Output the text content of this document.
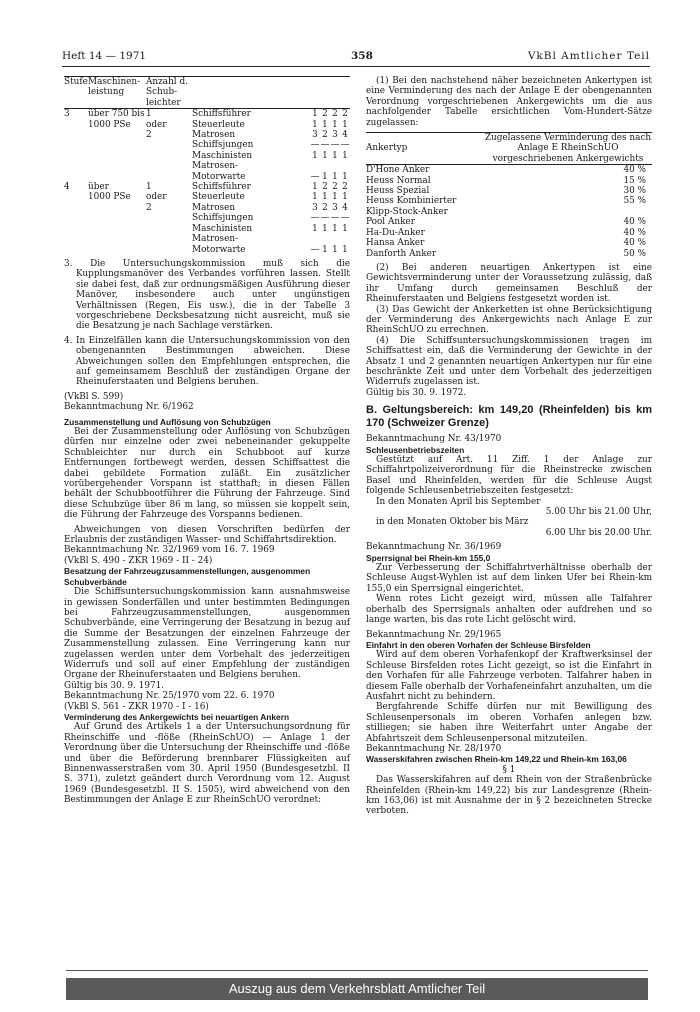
Heft 14 — 1971	358	VkBl Amtlicher Teil
Stufe	Maschinen-leistung	Anzahl d. Schub-leichter					
3	über 750 bis	1	Schiffsführer	1	2	2	2
	1000 PSe	oder	Steuerleute	1	1	1	1
		2	Matrosen	3	2	3	4
			Schiffsjungen	—	—	—	—
			Maschinisten	1	1	1	1
			Matrosen-				
			Motorwarte	—	1	1	1
4	über	1	Schiffsführer	1	2	2	2
	1000 PSe	oder	Steuerleute	1	1	1	1
		2	Matrosen	3	2	3	4
			Schiffsjungen	—	—	—	—
			Maschinisten	1	1	1	1
			Matrosen-				
			Motorwarte	—	1	1	1

3. Die Untersuchungskommission muß sich die Kupplungsmanöver des Verbandes vorführen lassen. Stellt sie dabei fest, daß zur ordnungsmäßigen Ausführung dieser Manöver, insbesondere auch unter ungünstigen Verhältnissen (Regen, Eis usw.), die in der Tabelle 3 vorgeschriebene Decksbesatzung nicht ausreicht, muß sie die Besatzung je nach Sachlage verstärken.

4. In Einzelfällen kann die Untersuchungskommission von den obengenannten Bestimmungen abweichen. Diese Abweichungen sollen den Empfehlungen entsprechen, die auf gemeinsamem Beschluß der zuständigen Organe der Rheinuferstaaten und Belgiens beruhen.

(VkBl S. 599)

Bekanntmachung Nr. 6/1962

Zusammenstellung und Auflösung von Schubzügen

Bei der Zusammenstellung oder Auflösung von Schubzügen dürfen nur einzelne oder zwei nebeneinander gekuppelte Schubleichter nur durch ein Schubboot auf kurze Entfernungen fortbewegt werden, dessen Schiffsattest die dabei gebildete Formation zuläßt. Ein zusätzlicher vorübergehender Vorspann ist statthaft; in diesen Fällen behält der Schubbootführer die Führung der Fahrzeuge. Sind diese Schubzüge über 86 m lang, so müssen sie koppelt sein, die Führung der Fahrzeuge des Vorspanns bedienen.

Abweichungen von diesen Vorschriften bedürfen der Erlaubnis der zuständigen Wasser- und Schiffahrtsdirektion.

Bekanntmachung Nr. 32/1969 vom 16. 7. 1969

(VkBl S. 490 - ZKR 1969 - II - 24)

Besatzung der Fahrzeugzusammenstellungen, ausgenommen Schubverbände

Die Schiffsuntersuchungskommission kann ausnahmsweise in gewissen Sonderfällen und unter bestimmten Bedingungen bei Fahrzeugzusammenstellungen, ausgenommen Schubverbände, eine Verringerung der Besatzung in bezug auf die Summe der Besatzungen der einzelnen Fahrzeuge der Zusammenstellung zulassen. Eine Verringerung kann nur zugelassen werden unter dem Vorbehalt des jederzeitigen Widerrufs und soll auf einer Empfehlung der zuständigen Organe der Rheinuferstaaten und Belgiens beruhen.

Gültig bis 30. 9. 1971.

Bekanntmachung Nr. 25/1970 vom 22. 6. 1970

(VkBl S. 561 - ZKR 1970 - I - 16)

Verminderung des Ankergewichts bei neuartigen Ankern

Auf Grund des Artikels 1 a der Untersuchungsordnung für Rheinschiffe und -flöße (RheinSchUO) — Anlage 1 der Verordnung über die Untersuchung der Rheinschiffe und -flöße und über die Beförderung brennbarer Flüssigkeiten auf Binnenwasserstraßen vom 30. April 1950 (Bundesgesetzbl. II S. 371), zuletzt geändert durch Verordnung vom 12. August 1969 (Bundesgesetzbl. II S. 1505), wird abweichend von den Bestimmungen der Anlage E zur RheinSchUO verordnet:

(1) Bei den nachstehend näher bezeichneten Ankertypen ist eine Verminderung des nach der Anlage E der obengenannten Verordnung vorgeschriebenen Ankergewichts um die aus nachfolgender Tabelle ersichtlichen Vom-Hundert-Sätze zugelassen:

Ankertyp	Zugelassene Verminderung des nach Anlage E RheinSchUO vorgeschriebenen Ankergewichts
D'Hone Anker	40 %
Heuss Normal	15 %
Heuss Spezial	30 %
Heuss Kombinierter Klipp-Stock-Anker	55 %
Pool Anker	40 %
Ha-Du-Anker	40 %
Hansa Anker	40 %
Danforth Anker	50 %

(2) Bei anderen neuartigen Ankertypen ist eine Gewichtsverminderung unter der Voraussetzung zulässig, daß ihr Umfang durch gemeinsamen Beschluß der Rheinuferstaaten und Belgiens festgesetzt worden ist.

(3) Das Gewicht der Ankerketten ist ohne Berücksichtigung der Verminderung des Ankergewichts nach Anlage E zur RheinSchUO zu errechnen.

(4) Die Schiffsuntersuchungskommissionen tragen im Schiffsattest ein, daß die Verminderung der Gewichte in der Absatz 1 und 2 genannten neuartigen Ankertypen nur für eine beschränkte Zeit und unter dem Vorbehalt des jederzeitigen Widerrufs zugelassen ist.

Gültig bis 30. 9. 1972.

B. Geltungsbereich: km 149,20 (Rheinfelden) bis km 170 (Schweizer Grenze)

Bekanntmachung Nr. 43/1970

Schleusenbetriebszeiten

Gestützt auf Art. 11 Ziff. 1 der Anlage zur Schiffahrtpolizeiverordnung für die Rheinstrecke zwischen Basel und Rheinfelden, werden für die Schleuse Augst folgende Schleusenbetriebszeiten festgesetzt:

In den Monaten April bis September

5.00 Uhr bis 21.00 Uhr,

in den Monaten Oktober bis März

6.00 Uhr bis 20.00 Uhr.

Bekanntmachung Nr. 36/1969

Sperrsignal bei Rhein-km 155,0

Zur Verbesserung der Schiffahrtverhältnisse oberhalb der Schleuse Augst-Wyhlen ist auf dem linken Ufer bei Rhein-km 155,0 ein Sperrsignal eingerichtet.

Wenn rotes Licht gezeigt wird, müssen alle Talfahrer oberhalb des Sperrsignals anhalten oder aufdrehen und so lange warten, bis das rote Licht gelöscht wird.

Bekanntmachung Nr. 29/1965

Einfahrt in den oberen Vorhafen der Schleuse Birsfelden

Wird auf dem oberen Vorhafenkopf der Kraftwerksinsel der Schleuse Birsfelden rotes Licht gezeigt, so ist die Einfahrt in den Vorhafen für alle Fahrzeuge verboten. Talfahrer haben in diesem Falle oberhalb der Vorhafeneinfahrt anzuhalten, um die Ausfahrt nicht zu behindern.

Bergfahrende Schiffe dürfen nur mit Bewilligung des Schleusenpersonals im oberen Vorhafen anlegen bzw. stilliegen; sie haben ihre Weiterfahrt unter Angabe der Abfahrtszeit dem Schleusenpersonal mitzuteilen.

Bekanntmachung Nr. 28/1970

Wasserskifahren zwischen Rhein-km 149,22 und Rhein-km 163,06

§ 1

Das Wasserskifahren auf dem Rhein von der Straßenbrücke Rheinfelden (Rhein-km 149,22) bis zur Landesgrenze (Rhein-km 163,06) ist mit Ausnahme der in § 2 bezeichneten Strecke verboten.

Auszug aus dem Verkehrsblatt Amtlicher Teil
